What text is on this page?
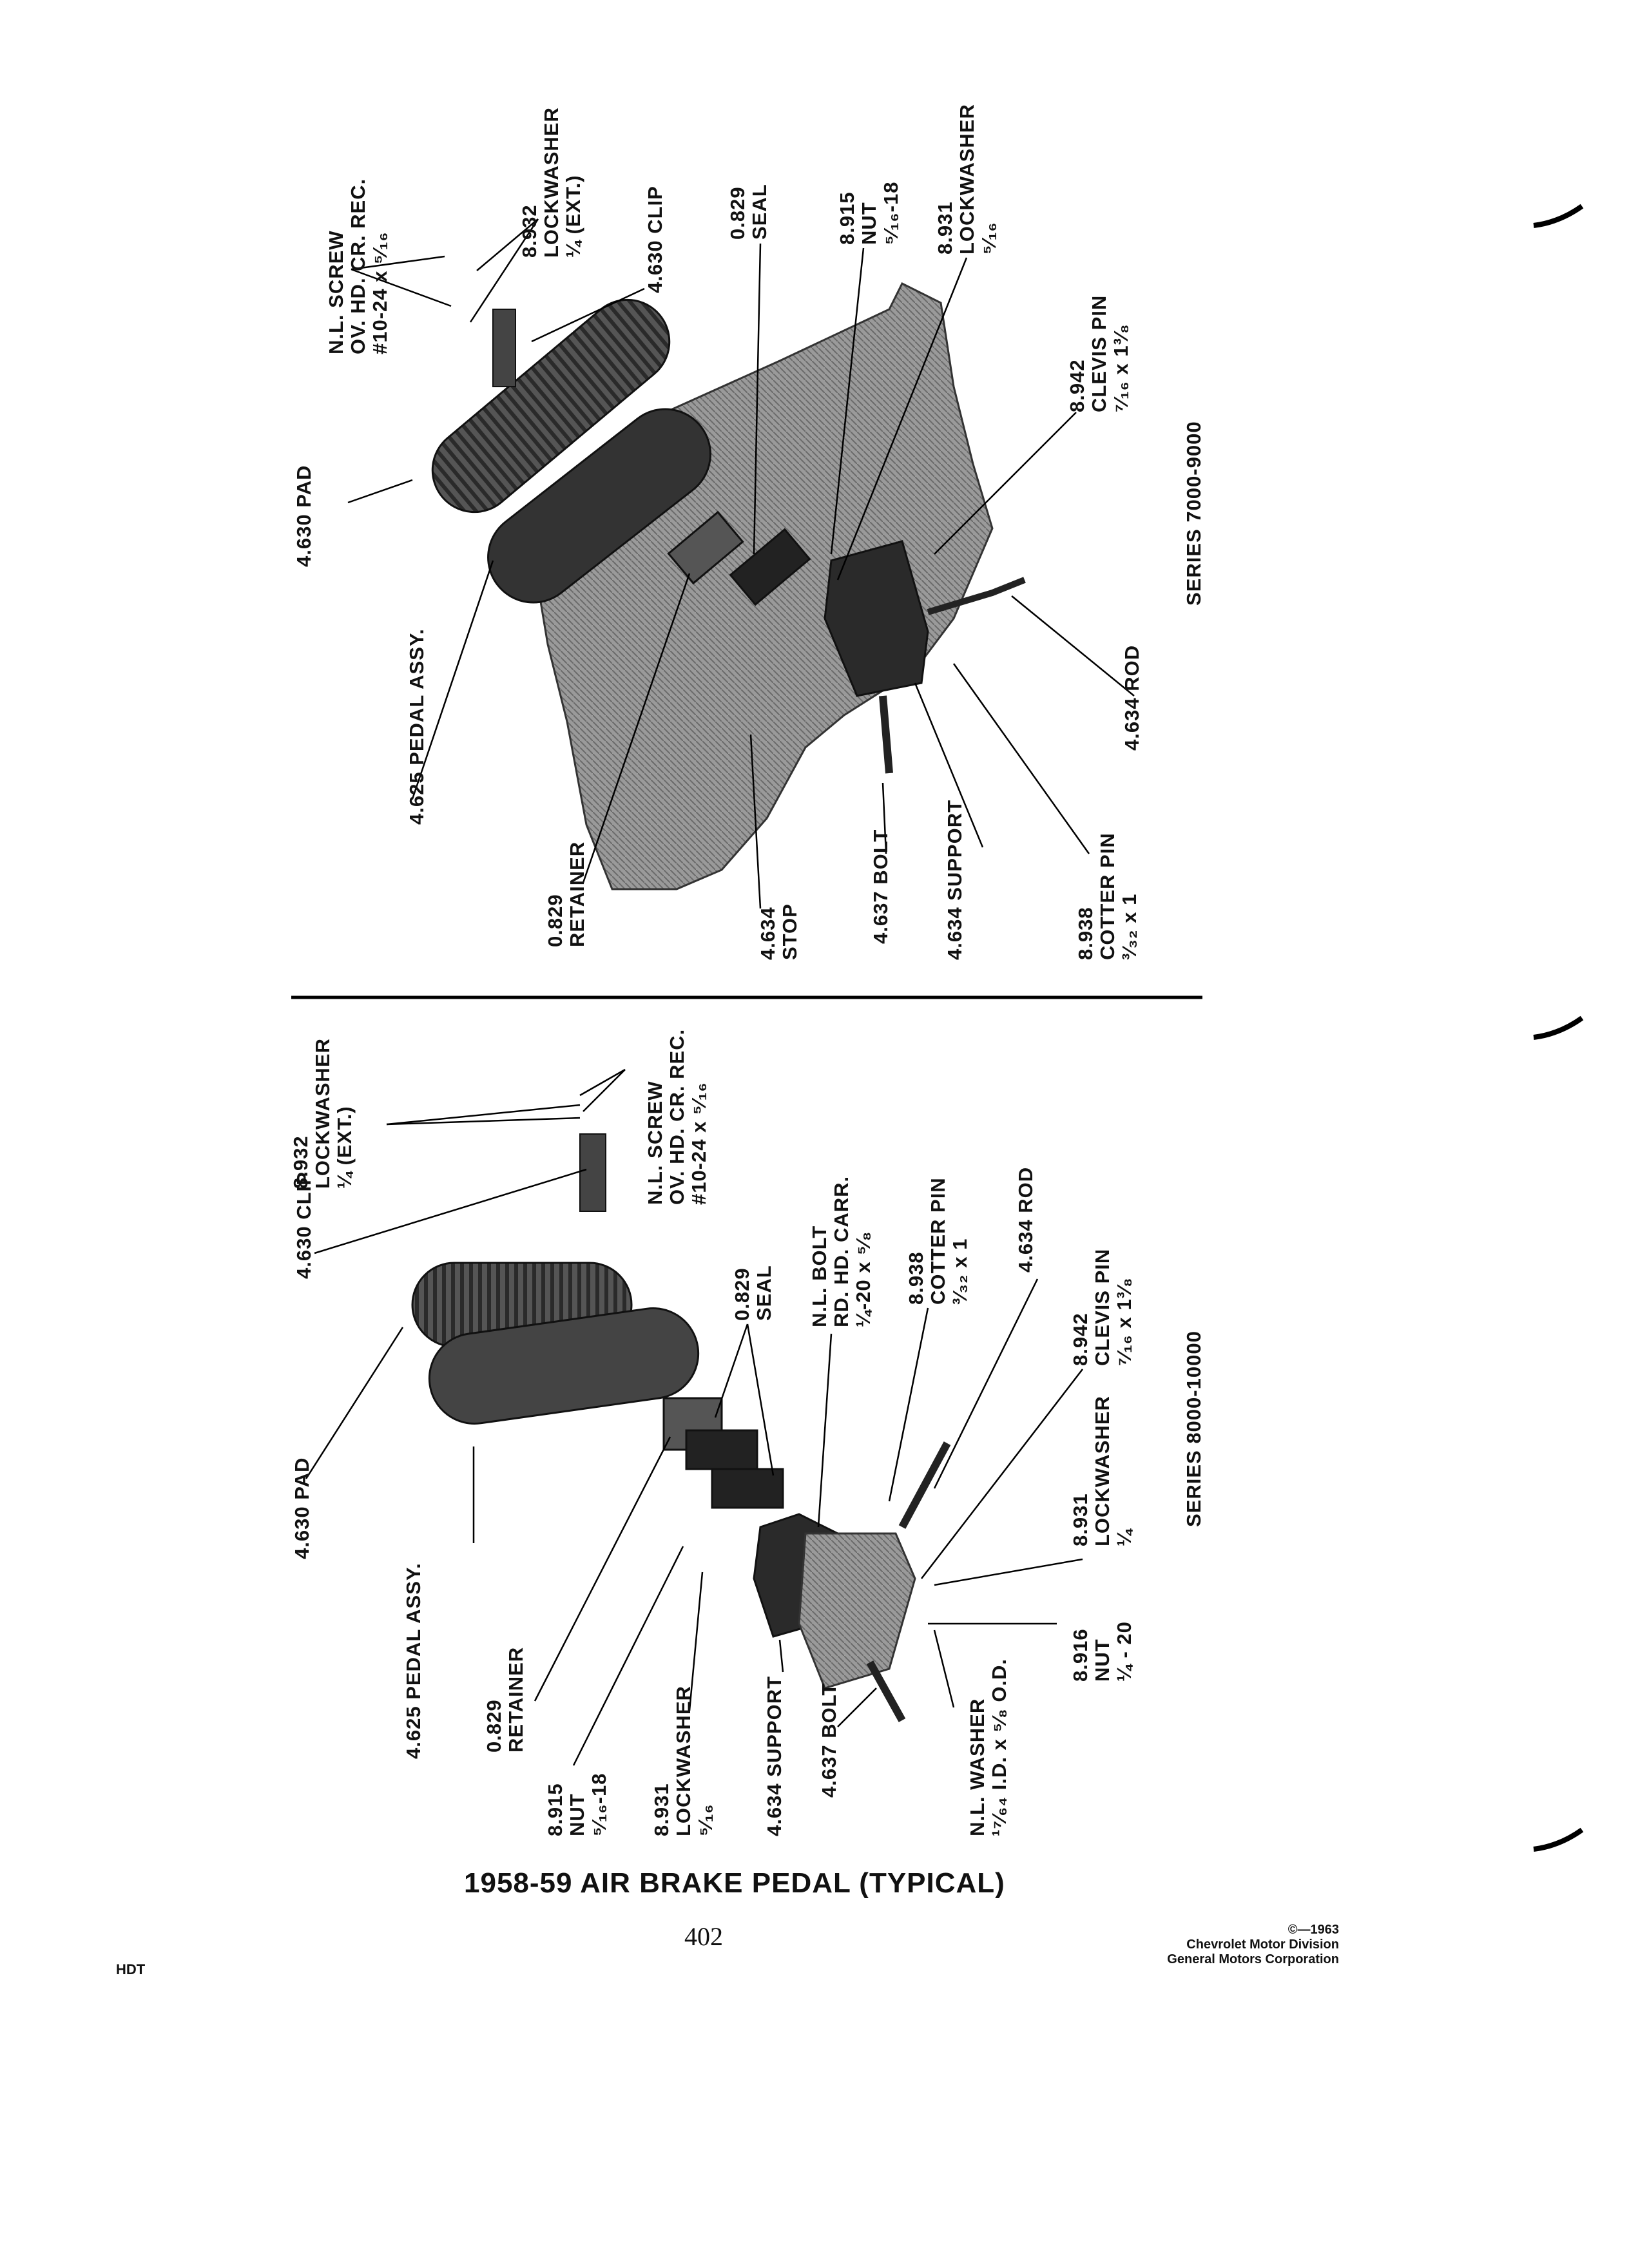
4.630 PAD
4.625 PEDAL ASSY.
N.L. SCREW OV. HD. CR. REC. #10-24 x ⁵⁄₁₆
8.932 LOCKWASHER ¼ (EXT.)	4.630 CLIP	0.829 SEAL	8.915 NUT ⁵⁄₁₆-18 8.931 LOCKWASHER ⁵⁄₁₆
8.942 CLEVIS PIN ⁷⁄₁₆ x 1³⁄₈
4.634 ROD
0.829 RETAINER	4.634 STOP	4.637 BOLT	4.634 SUPPORT	8.938 COTTER PIN ³⁄₃₂ x 1
SERIES 7000-9000
4.630 PAD
4.630 CLIP
8.932 LOCKWASHER ¼ (EXT.)	N.L. SCREW OV. HD. CR. REC. #10-24 x ⁵⁄₁₆
0.829 SEAL N.L. BOLT RD. HD. CARR. ¼-20 x ⁵⁄₈ 8.938 COTTER PIN ³⁄₃₂ x 1 4.634 ROD
8.942 CLEVIS PIN ⁷⁄₁₆ x 1³⁄₈
4.625 PEDAL ASSY.	0.829 RETAINER
8.915 NUT ⁵⁄₁₆-18 8.931 LOCKWASHER ⁵⁄₁₆ 4.634 SUPPORT 4.637 BOLT	N.L. WASHER ¹⁷⁄₆₄ I.D. x ⁵⁄₈ O.D.
8.916 NUT ¼ - 20
8.931 LOCKWASHER ¼
SERIES 8000-10000
1958-59 AIR BRAKE PEDAL (TYPICAL)
402
HDT
©—1963
Chevrolet Motor Division
General Motors Corporation
